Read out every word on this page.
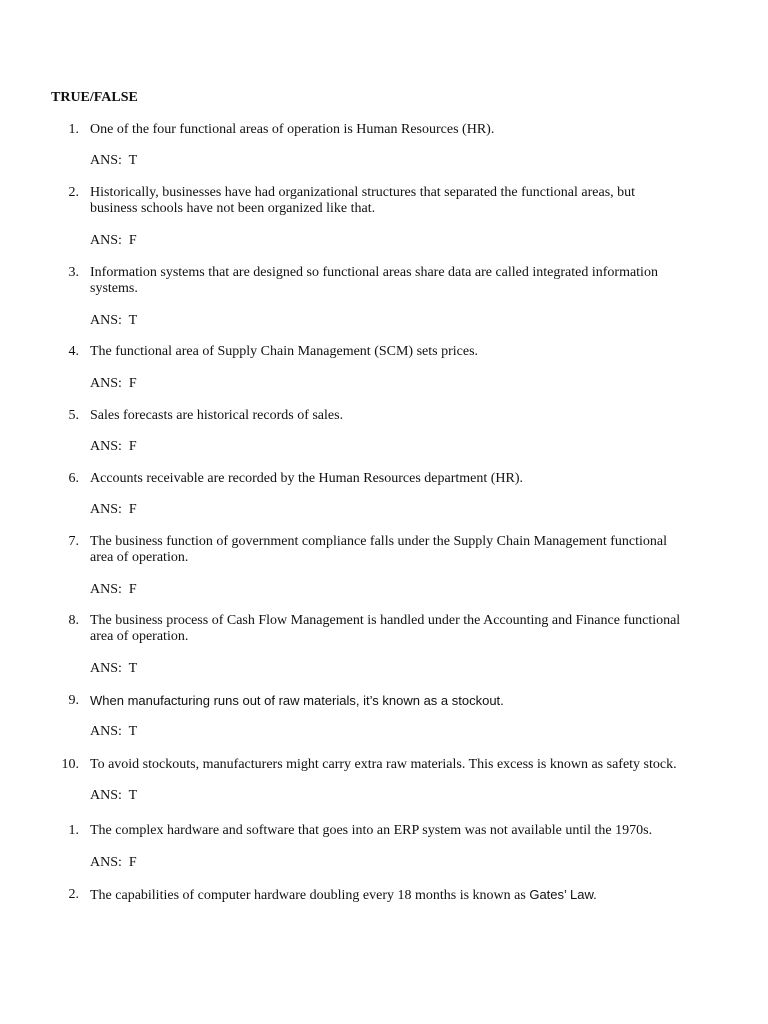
TRUE/FALSE
1. One of the four functional areas of operation is Human Resources (HR).
ANS:  T
2. Historically, businesses have had organizational structures that separated the functional areas, but business schools have not been organized like that.
ANS:  F
3. Information systems that are designed so functional areas share data are called integrated information systems.
ANS:  T
4. The functional area of Supply Chain Management (SCM) sets prices.
ANS:  F
5. Sales forecasts are historical records of sales.
ANS:  F
6. Accounts receivable are recorded by the Human Resources department (HR).
ANS:  F
7. The business function of government compliance falls under the Supply Chain Management functional area of operation.
ANS:  F
8. The business process of Cash Flow Management is handled under the Accounting and Finance functional area of operation.
ANS:  T
9. When manufacturing runs out of raw materials, it’s known as a stockout.
ANS:  T
10. To avoid stockouts, manufacturers might carry extra raw materials. This excess is known as safety stock.
ANS:  T
1. The complex hardware and software that goes into an ERP system was not available until the 1970s.
ANS:  F
2. The capabilities of computer hardware doubling every 18 months is known as Gates’ Law.
